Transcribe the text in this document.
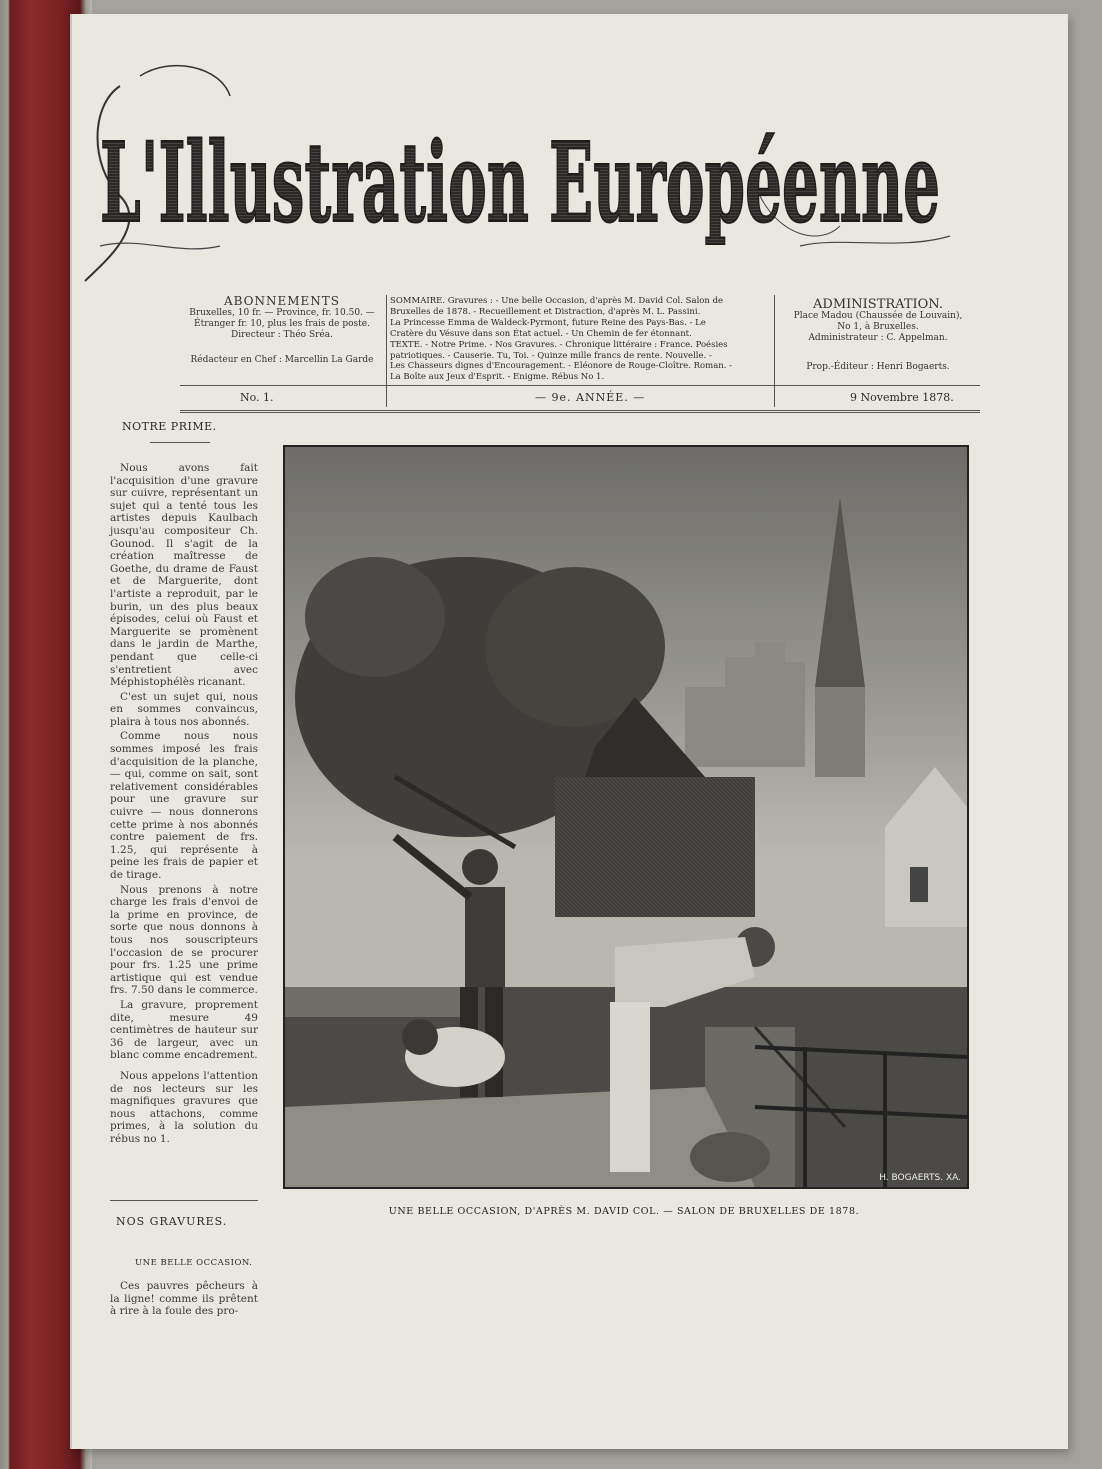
L'Illustration Européenne
ABONNEMENTS
Bruxelles, 10 fr. — Province, fr. 10.50. —
Étranger fr. 10, plus les frais de poste.
Directeur : Théo Sréa.
Rédacteur en Chef : Marcellin La Garde
SOMMAIRE. Gravures : - Une belle Occasion, d'après M. David Col. Salon de
Bruxelles de 1878. - Recueillement et Distraction, d'après M. L. Passini.
La Princesse Emma de Waldeck-Pyrmont, future Reine des Pays-Bas. - Le
Cratère du Vésuve dans son État actuel. - Un Chemin de fer étonnant.
TEXTE. - Notre Prime. - Nos Gravures. - Chronique littéraire : France. Poésies
patriotiques. - Causerie. Tu, Toi. - Quinze mille francs de rente. Nouvelle. -
Les Chasseurs dignes d'Encouragement. - Eléonore de Rouge-Cloître. Roman. -
La Boîte aux Jeux d'Esprit. - Enigme. Rébus No 1.
ADMINISTRATION.
Place Madou (Chaussée de Louvain),
No 1, à Bruxelles.
Administrateur : C. Appelman.
Prop.-Éditeur : Henri Bogaerts.
No. 1.	— 9e. ANNÉE. —	9 Novembre 1878.
NOTRE PRIME.

Nous avons fait l'acquisition d'une gravure sur cuivre, représentant un sujet qui a tenté tous les artistes depuis Kaulbach jusqu'au compositeur Ch. Gounod. Il s'agit de la création maîtresse de Goethe, du drame de Faust et de Marguerite, dont l'artiste a reproduit, par le burin, un des plus beaux épisodes, celui où Faust et Marguerite se promènent dans le jardin de Marthe, pendant que celle-ci s'entretient avec Méphistophélès ricanant.

C'est un sujet qui, nous en sommes convaincus, plaira à tous nos abonnés.

Comme nous nous sommes imposé les frais d'acquisition de la planche, — qui, comme on sait, sont relativement considérables pour une gravure sur cuivre — nous donnerons cette prime à nos abonnés contre paiement de frs. 1.25, qui représente à peine les frais de papier et de tirage.

Nous prenons à notre charge les frais d'envoi de la prime en province, de sorte que nous donnons à tous nos souscripteurs l'occasion de se procurer pour frs. 1.25 une prime artistique qui est vendue frs. 7.50 dans le commerce.

La gravure, proprement dite, mesure 49 centimètres de hauteur sur 36 de largeur, avec un blanc comme encadrement.

Nous appelons l'attention de nos lecteurs sur les magnifiques gravures que nous attachons, comme primes, à la solution du rébus no 1.

NOS GRAVURES.
UNE BELLE OCCASION.

Ces pauvres pêcheurs à la ligne! comme ils prêtent à rire à la foule des pro-

H. BOGAERTS. XA.
UNE BELLE OCCASION, D'APRÈS M. DAVID COL. — SALON DE BRUXELLES DE 1878.
